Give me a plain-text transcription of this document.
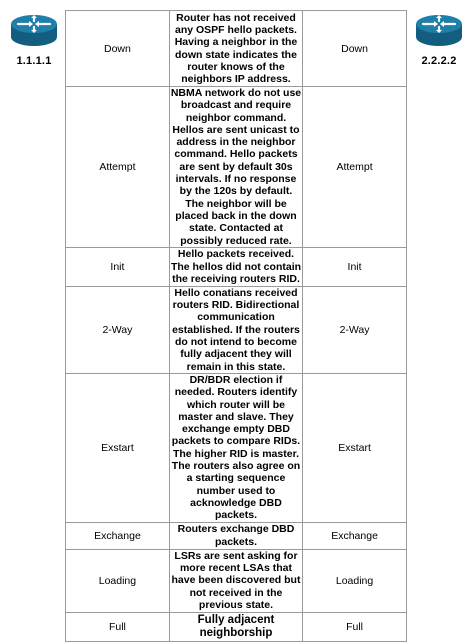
1.1.1.1	2.2.2.2
Down	Router has not received any OSPF hello packets. Having a neighbor in the down state indicates the router knows of the neighbors IP address.	Down
Attempt	NBMA network do not use broadcast and require neighbor command. Hellos are sent unicast to address in the neighbor command. Hello packets are sent by default 30s intervals. If no response by the 120s by default. The neighbor will be placed back in the down state. Contacted at possibly reduced rate.	Attempt
Init	Hello packets received. The hellos did not contain the receiving routers RID.	Init
2-Way	Hello conatians received routers RID. Bidirectional communication established. If the routers do not intend to become fully adjacent they will remain in this state.	2-Way
Exstart	DR/BDR election if needed. Routers identify which router will be master and slave. They exchange empty DBD packets to compare RIDs. The higher RID is master. The routers also agree on a starting sequence number used to acknowledge DBD packets.	Exstart
Exchange	Routers exchange DBD packets.	Exchange
Loading	LSRs are sent asking for more recent LSAs that have been discovered but not received in the previous state.	Loading
Full	Fully adjacent neighborship	Full
